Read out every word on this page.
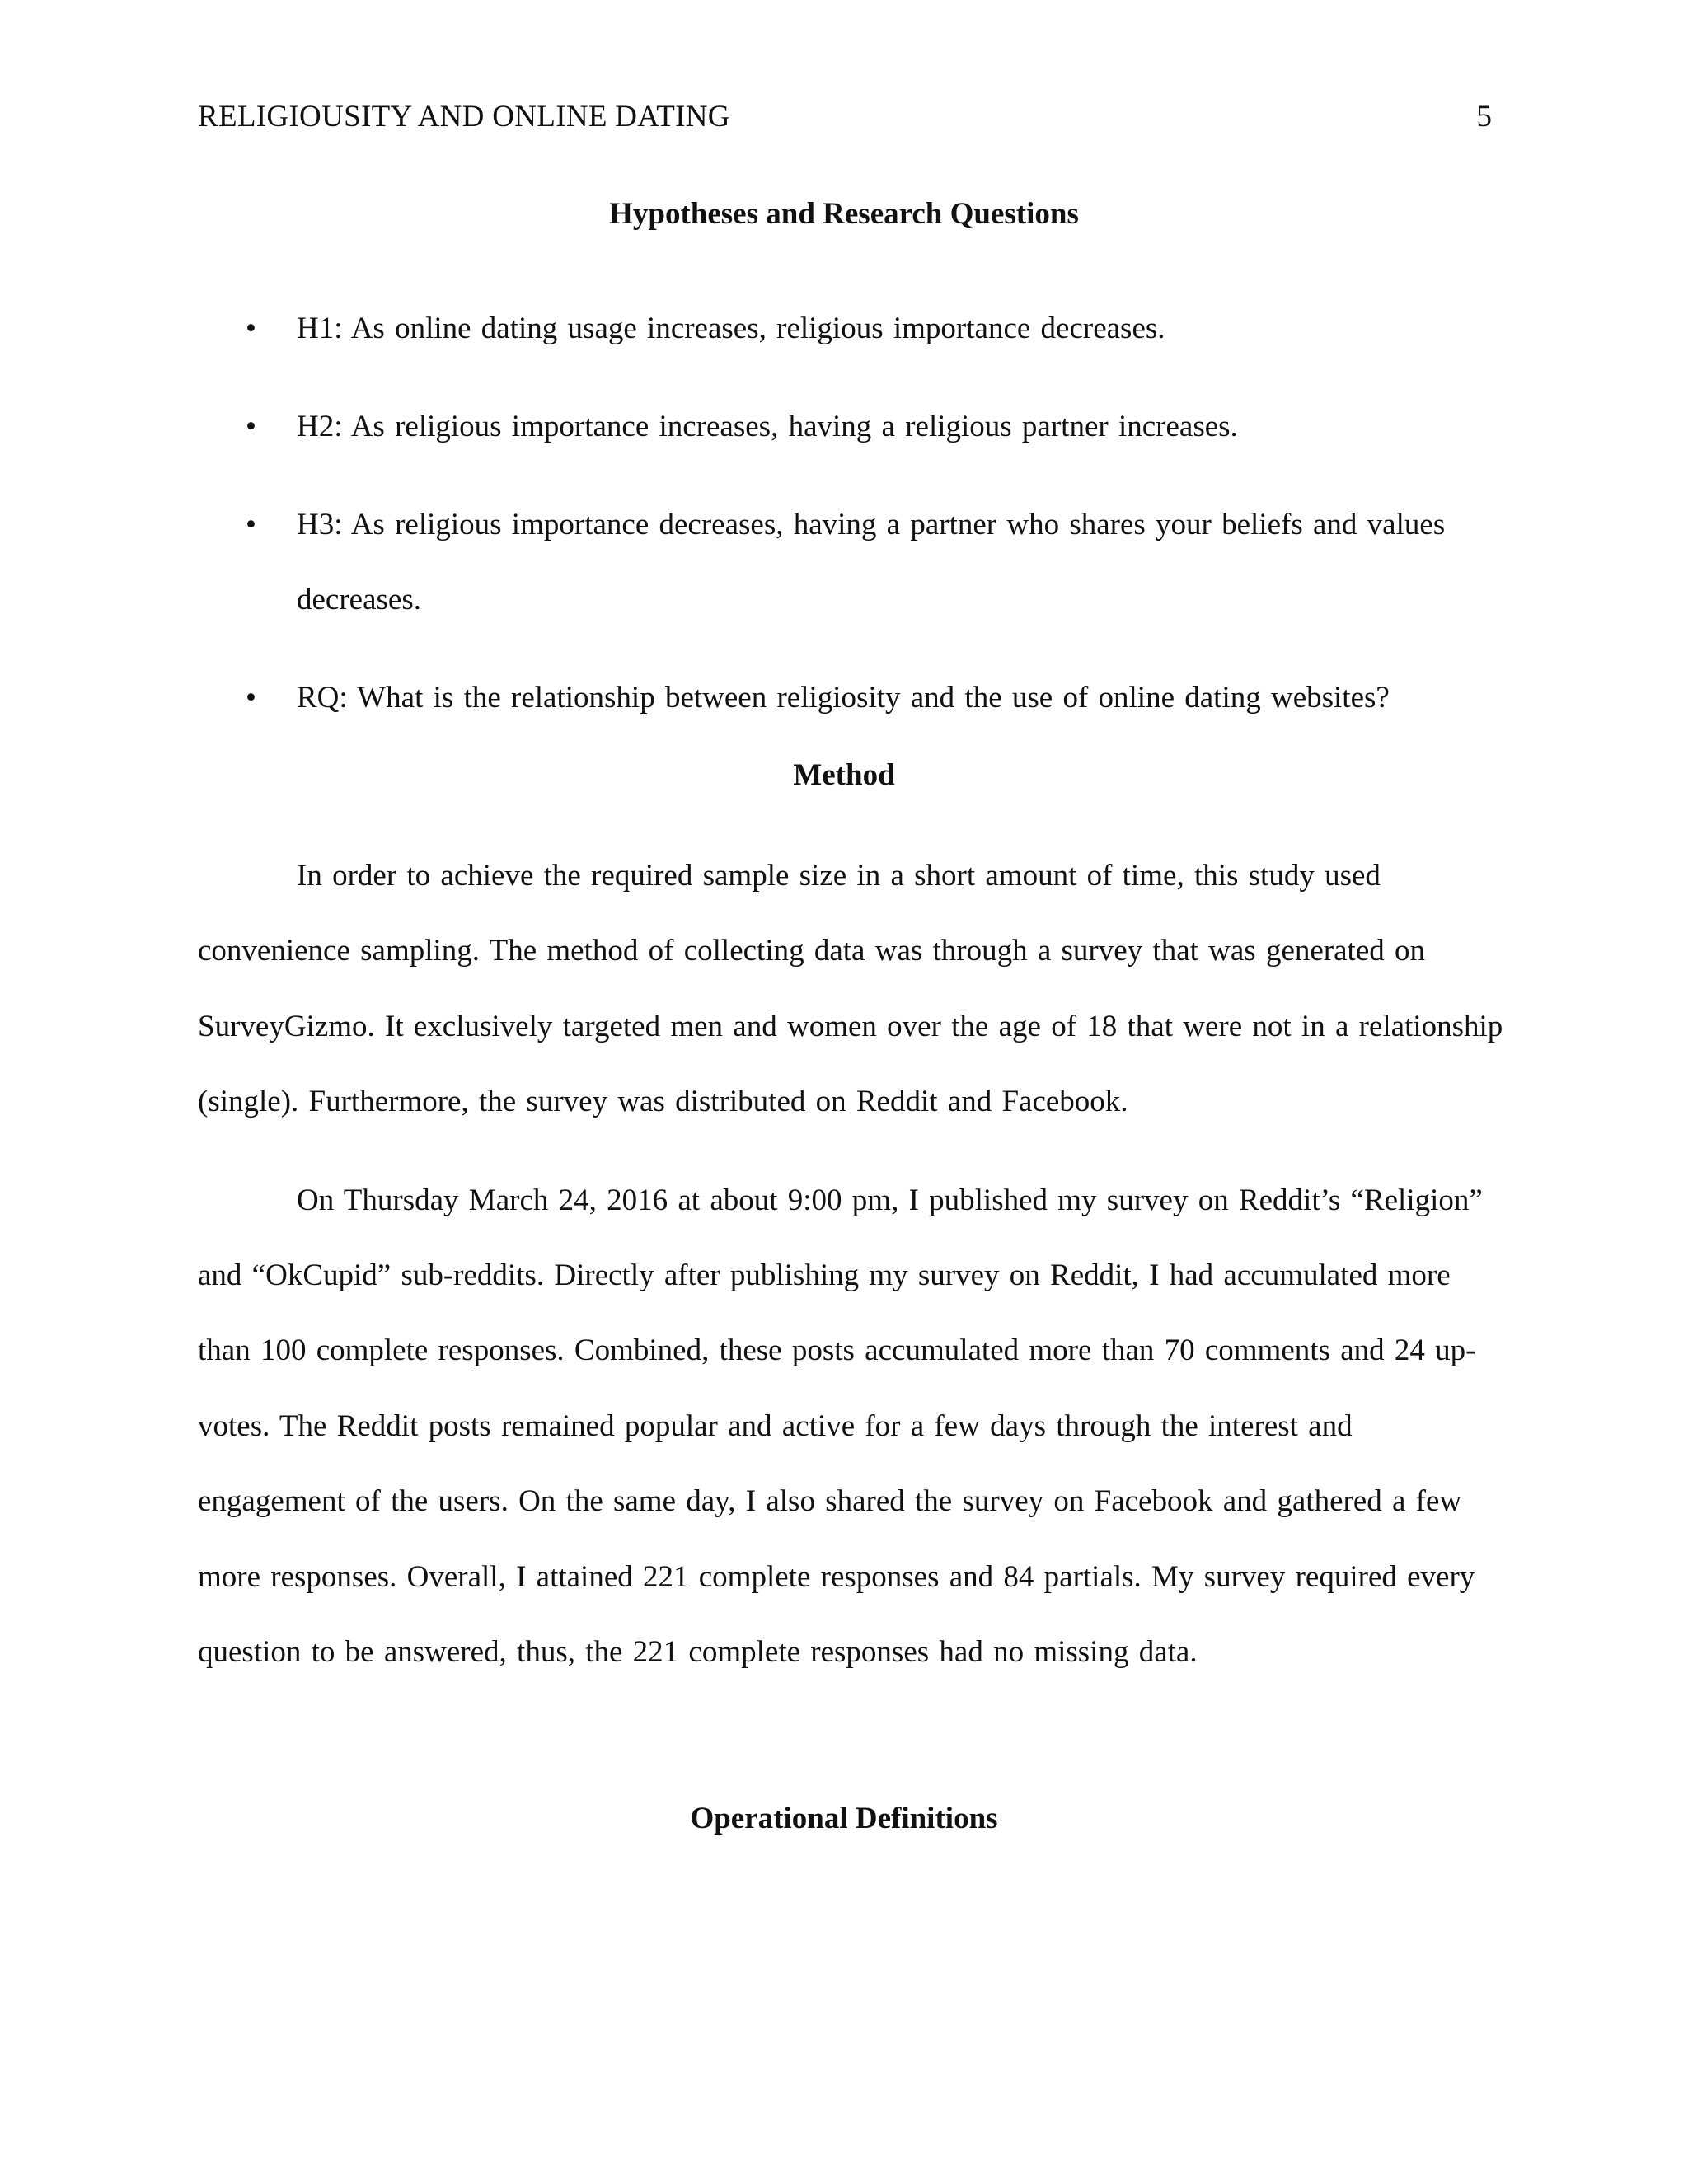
RELIGIOUSITY AND ONLINE DATING	5
Hypotheses and Research Questions
• H1: As online dating usage increases, religious importance decreases.
• H2: As religious importance increases, having a religious partner increases.
• H3: As religious importance decreases, having a partner who shares your beliefs and values decreases.
• RQ: What is the relationship between religiosity and the use of online dating websites?
Method

In order to achieve the required sample size in a short amount of time, this study used convenience sampling. The method of collecting data was through a survey that was generated on SurveyGizmo. It exclusively targeted men and women over the age of 18 that were not in a relationship (single). Furthermore, the survey was distributed on Reddit and Facebook.

On Thursday March 24, 2016 at about 9:00 pm, I published my survey on Reddit’s “Religion” and “OkCupid” sub-reddits. Directly after publishing my survey on Reddit, I had accumulated more than 100 complete responses. Combined, these posts accumulated more than 70 comments and 24 up-votes. The Reddit posts remained popular and active for a few days through the interest and engagement of the users. On the same day, I also shared the survey on Facebook and gathered a few more responses. Overall, I attained 221 complete responses and 84 partials. My survey required every question to be answered, thus, the 221 complete responses had no missing data.

Operational Definitions
